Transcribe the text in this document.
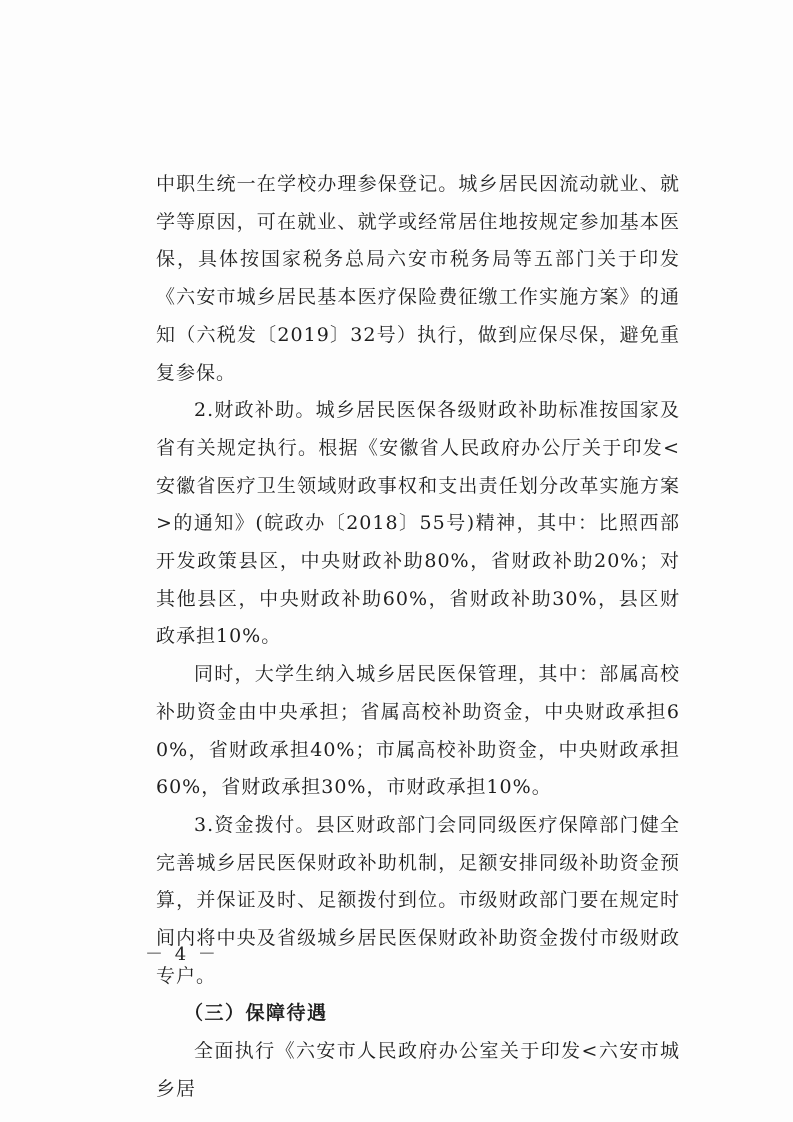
中职生统一在学校办理参保登记。城乡居民因流动就业、就学等原因，可在就业、就学或经常居住地按规定参加基本医保，具体按国家税务总局六安市税务局等五部门关于印发《六安市城乡居民基本医疗保险费征缴工作实施方案》的通知（六税发〔2019〕32号）执行，做到应保尽保，避免重复参保。

2.财政补助。城乡居民医保各级财政补助标准按国家及省有关规定执行。根据《安徽省人民政府办公厅关于印发<安徽省医疗卫生领域财政事权和支出责任划分改革实施方案>的通知》(皖政办〔2018〕55号)精神，其中：比照西部开发政策县区，中央财政补助80%，省财政补助20%；对其他县区，中央财政补助60%，省财政补助30%，县区财政承担10%。

同时，大学生纳入城乡居民医保管理，其中：部属高校补助资金由中央承担；省属高校补助资金，中央财政承担60%，省财政承担40%；市属高校补助资金，中央财政承担60%，省财政承担30%，市财政承担10%。

3.资金拨付。县区财政部门会同同级医疗保障部门健全完善城乡居民医保财政补助机制，足额安排同级补助资金预算，并保证及时、足额拨付到位。市级财政部门要在规定时间内将中央及省级城乡居民医保财政补助资金拨付市级财政专户。

（三）保障待遇

全面执行《六安市人民政府办公室关于印发<六安市城乡居

－ 4 －
